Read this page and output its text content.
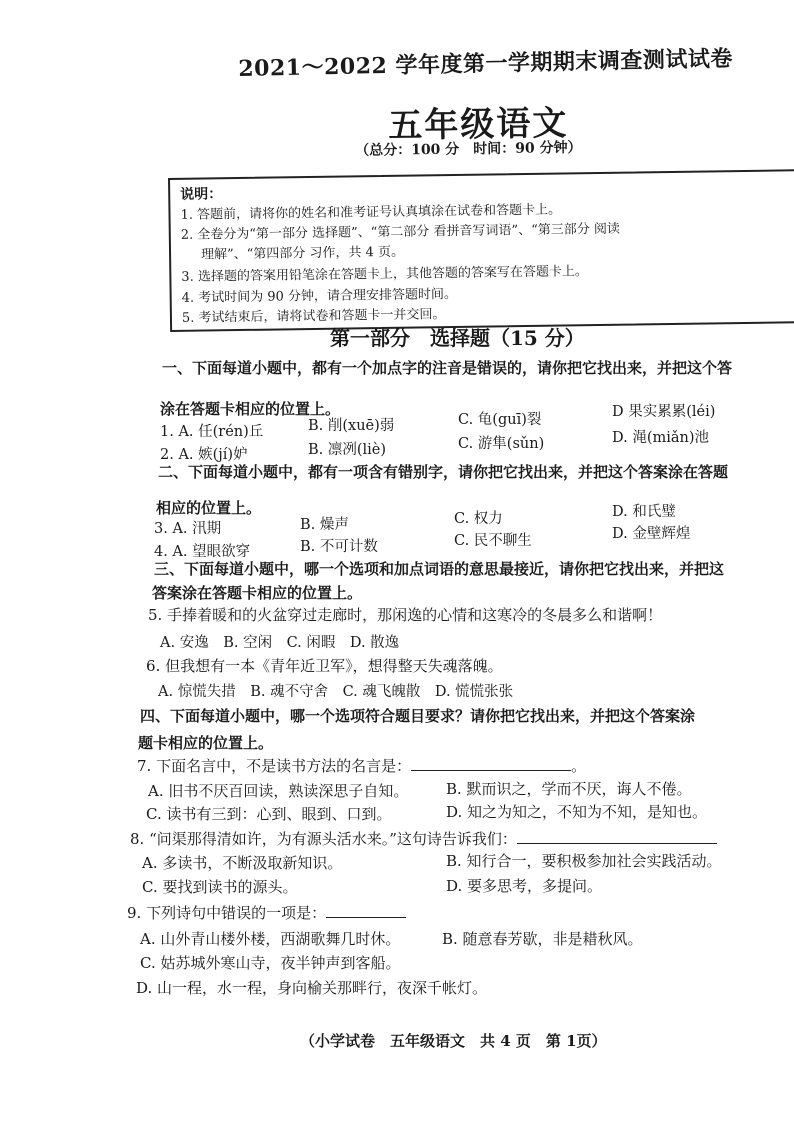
2021～2022 学年度第一学期期末调查测试试卷
五年级语文
（总分：100 分　时间：90 分钟）
说明：
1. 答题前，请将你的姓名和准考证号认真填涂在试卷和答题卡上。
2. 全卷分为“第一部分 选择题”、“第二部分 看拼音写词语”、“第三部分 阅读
理解”、“第四部分 习作，共 4 页。
3. 选择题的答案用铅笔涂在答题卡上，其他答题的答案写在答题卡上。
4. 考试时间为 90 分钟，请合理安排答题时间。
5. 考试结束后，请将试卷和答题卡一并交回。
第一部分　选择题（15 分）
一、下面每道小题中，都有一个加点字的注音是错误的，请你把它找出来，并把这个答
涂在答题卡相应的位置上。
1. A. 任(rén)丘	B. 削(xuē)弱	C. 龟(guī)裂	D 果实累累(léi)
2. A. 嫉(jí)妒	B. 凛冽(liè)	C. 游隼(sǔn)	D. 渑(miǎn)池
二、下面每道小题中，都有一项含有错别字，请你把它找出来，并把这个答案涂在答题
相应的位置上。
3. A. 汛期	B. 燥声	C. 权力	D. 和氏璧
4. A. 望眼欲穿	B. 不可计数	C. 民不聊生	D. 金壁辉煌
三、下面每道小题中，哪一个选项和加点词语的意思最接近，请你把它找出来，并把这
答案涂在答题卡相应的位置上。
5. 手捧着暖和的火盆穿过走廊时，那闲逸的心情和这寒冷的冬晨多么和谐啊！
A. 安逸　B. 空闲　C. 闲暇　D. 散逸
6. 但我想有一本《青年近卫军》，想得整天失魂落魄。
A. 惊慌失措　B. 魂不守舍　C. 魂飞魄散　D. 慌慌张张
四、下面每道小题中，哪一个选项符合题目要求？请你把它找出来，并把这个答案涂
题卡相应的位置上。
7. 下面名言中，不是读书方法的名言是：	。
A. 旧书不厌百回读，熟读深思子自知。	B. 默而识之，学而不厌，诲人不倦。
C. 读书有三到：心到、眼到、口到。	D. 知之为知之，不知为不知，是知也。
8. “问渠那得清如许，为有源头活水来。”这句诗告诉我们：
A. 多读书，不断汲取新知识。	B. 知行合一，要积极参加社会实践活动。
C. 要找到读书的源头。	D. 要多思考，多提问。
9. 下列诗句中错误的一项是：
A. 山外青山楼外楼，西湖歌舞几时休。	B. 随意春芳歇，非是耤秋风。
C. 姑苏城外寒山寺，夜半钟声到客船。
D. 山一程，水一程，身向榆关那畔行，夜深千帐灯。
（小学试卷　五年级语文　共 4 页　第 1页）
